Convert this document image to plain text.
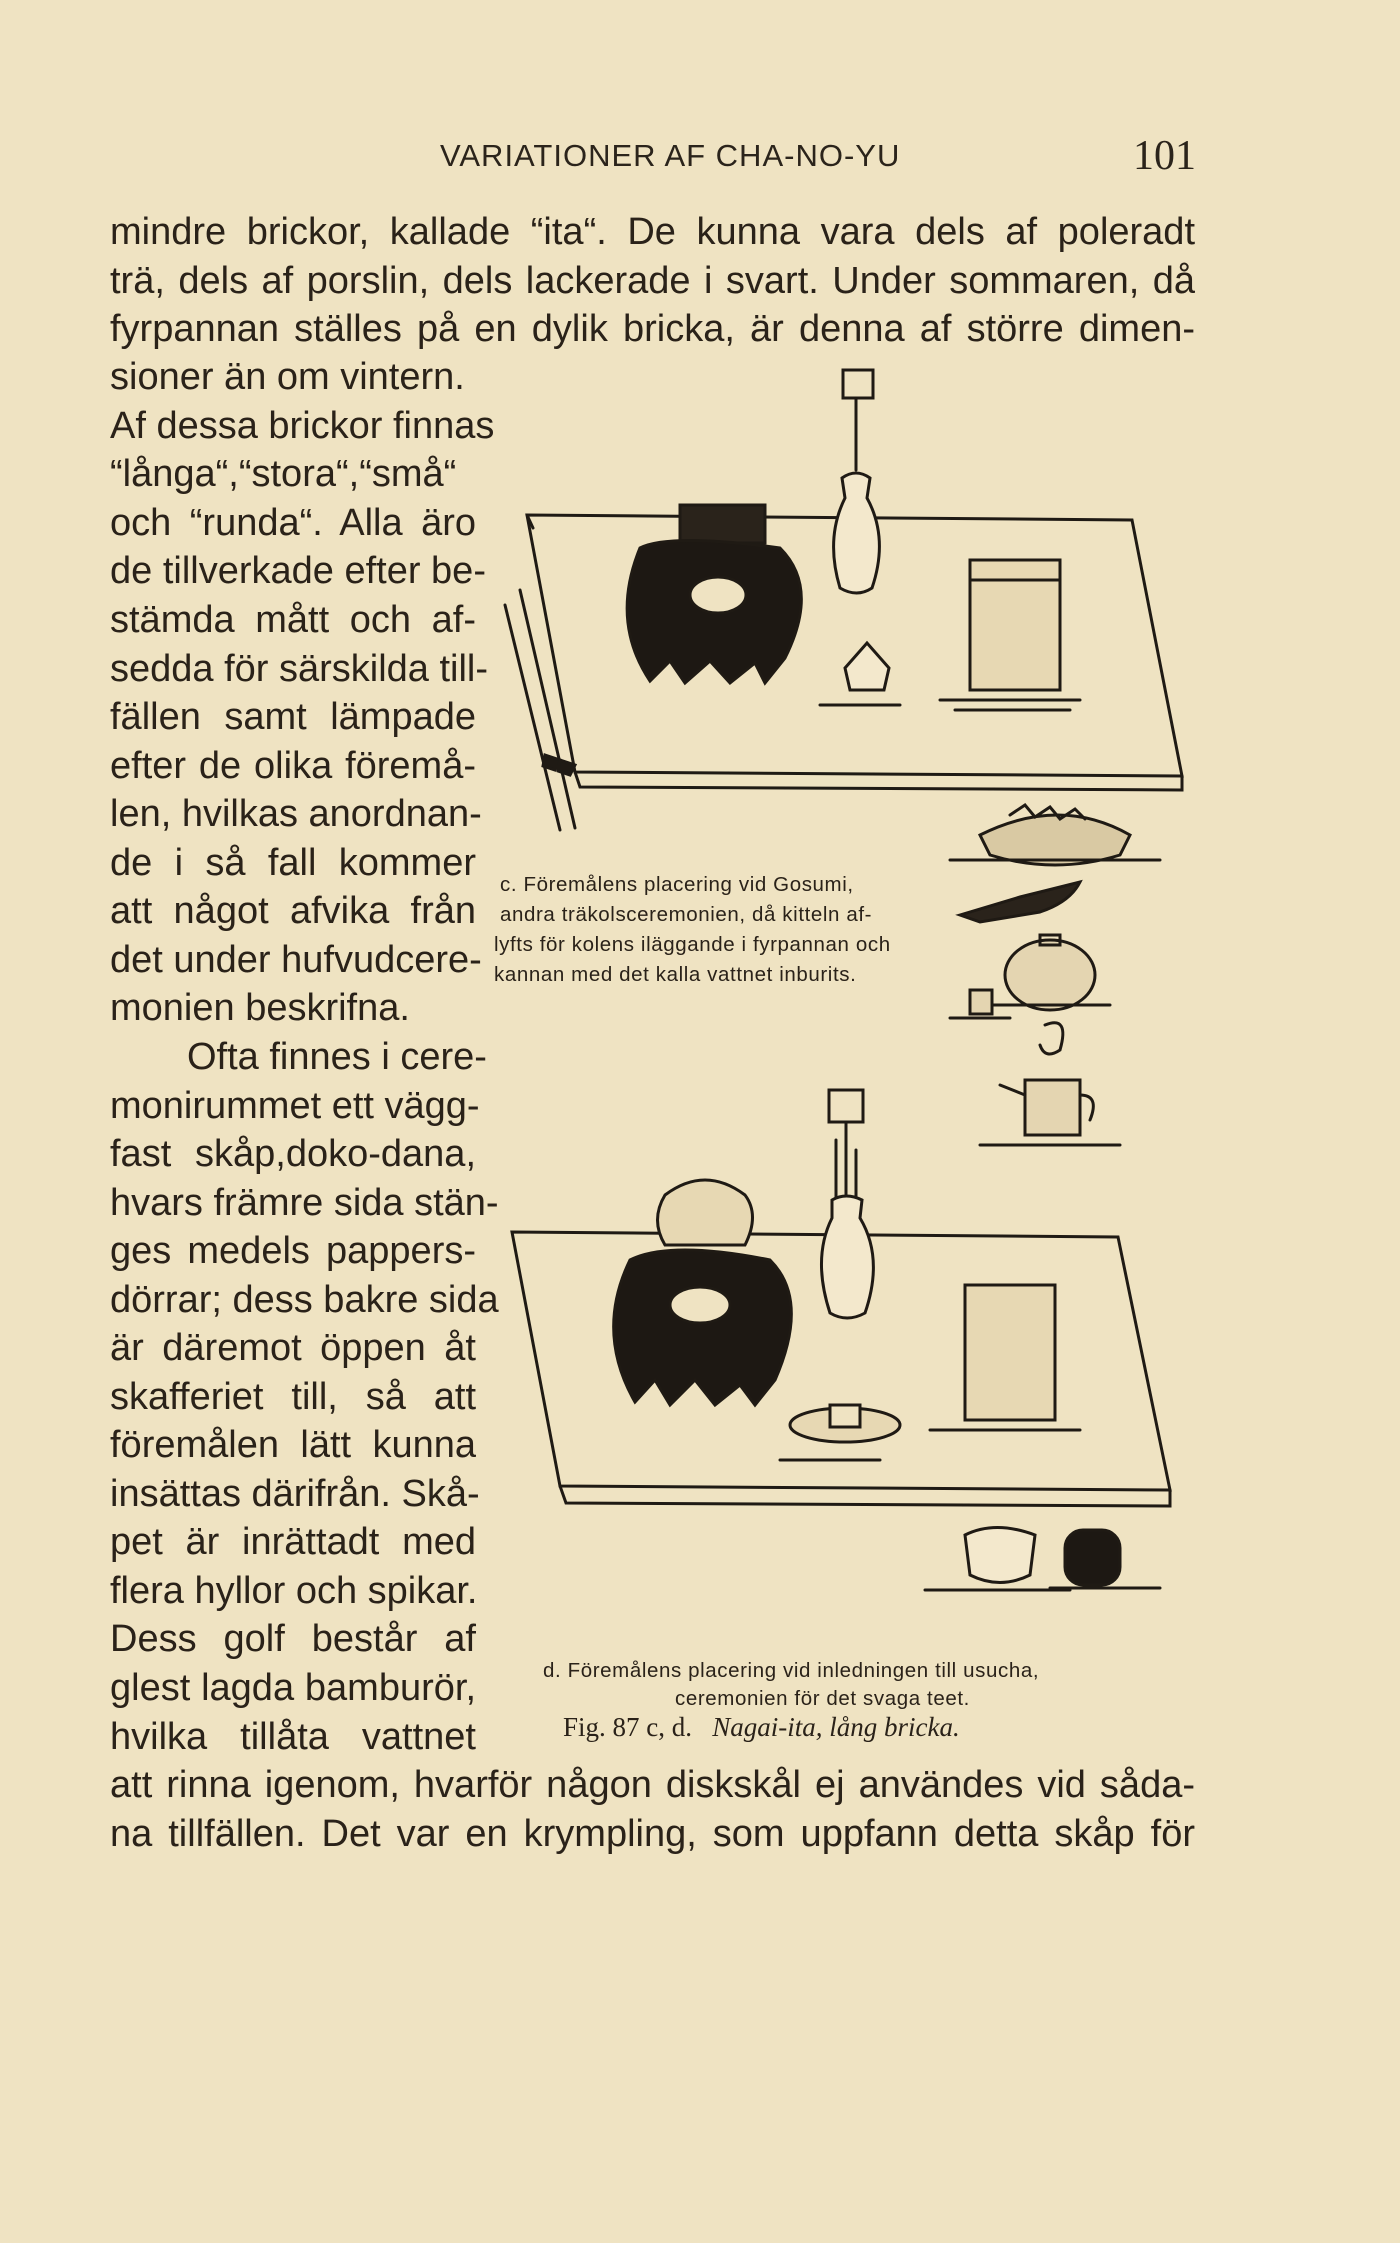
VARIATIONER AF CHA-NO-YU	101
mindre brickor, kallade “ita“. De kunna vara dels af poleradt
trä, dels af porslin, dels lackerade i svart. Under sommaren, då
fyrpannan ställes på en dylik bricka, är denna af större dimen-
sioner än om vintern.
Af dessa brickor finnas
“långa“,“stora“,“små“
och “runda“. Alla äro
de tillverkade efter be-
stämda mått och af-
sedda för särskilda till-
fällen samt lämpade
efter de olika föremå-
len, hvilkas anordnan-
de i så fall kommer
att något afvika från
det under hufvudcere-
monien beskrifna.
Ofta finnes i cere-
monirummet ett vägg-
fast skåp,doko-dana,
hvars främre sida stän-
ges medels pappers-
dörrar; dess bakre sida
är däremot öppen åt
skafferiet till, så att
föremålen lätt kunna
insättas därifrån. Skå-
pet är inrättadt med
flera hyllor och spikar.
Dess golf består af
glest lagda bamburör,
hvilka tillåta vattnet
att rinna igenom, hvarför någon diskskål ej användes vid såda-
na tillfällen. Det var en krympling, som uppfann detta skåp för
c. Föremålens placering vid Gosumi,
andra träkolsceremonien, då kitteln af-
lyfts för kolens iläggande i fyrpannan och
kannan med det kalla vattnet inburits.
d. Föremålens placering vid inledningen till usucha,
ceremonien för det svaga teet.
Fig. 87 c, d. Nagai-ita, lång bricka.
